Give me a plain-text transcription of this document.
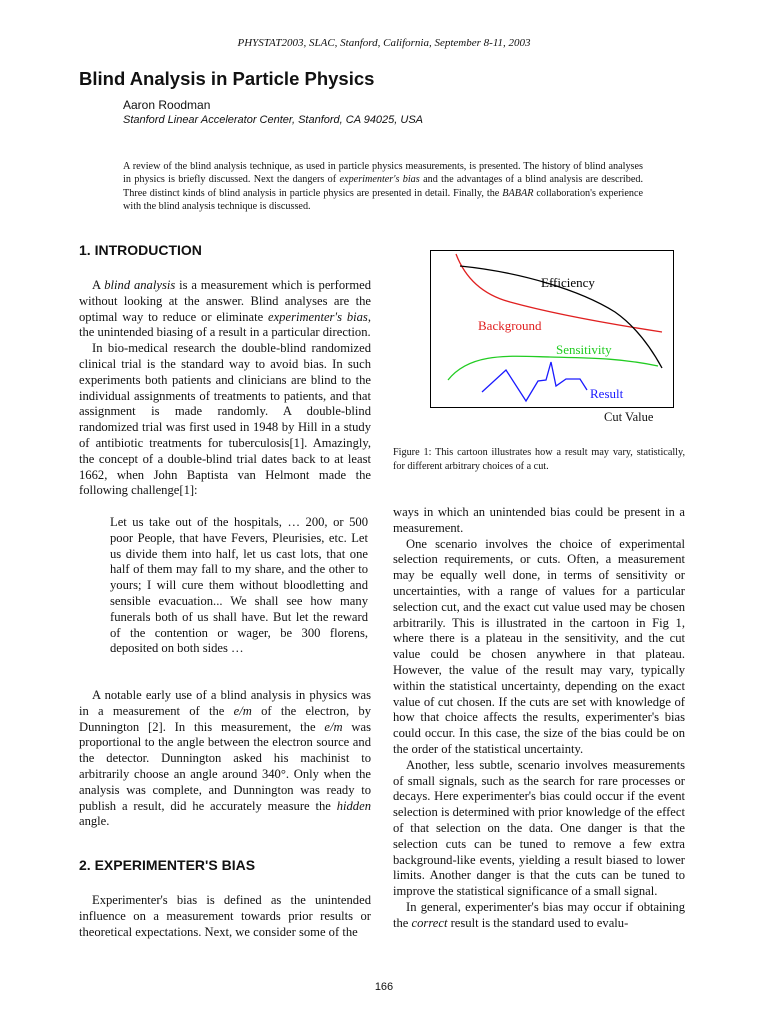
PHYSTAT2003, SLAC, Stanford, California, September 8-11, 2003
Blind Analysis in Particle Physics
Aaron Roodman
Stanford Linear Accelerator Center, Stanford, CA 94025, USA
A review of the blind analysis technique, as used in particle physics measurements, is presented. The history of blind analyses in physics is briefly discussed. Next the dangers of experimenter's bias and the advantages of a blind analysis are described. Three distinct kinds of blind analysis in particle physics are presented in detail. Finally, the BABAR collaboration's experience with the blind analysis technique is discussed.
1. INTRODUCTION

A blind analysis is a measurement which is performed without looking at the answer. Blind analyses are the optimal way to reduce or eliminate experimenter's bias, the unintended biasing of a result in a particular direction.

In bio-medical research the double-blind randomized clinical trial is the standard way to avoid bias. In such experiments both patients and clinicians are blind to the individual assignments of treatments to patients, and that assignment is made randomly. A double-blind randomized trial was first used in 1948 by Hill in a study of antibiotic treatments for tuberculosis[1]. Amazingly, the concept of a double-blind trial dates back to at least 1662, when John Baptista van Helmont made the following challenge[1]:

Let us take out of the hospitals, … 200, or 500 poor People, that have Fevers, Pleurisies, etc. Let us divide them into half, let us cast lots, that one half of them may fall to my share, and the other to yours; I will cure them without bloodletting and sensible evacuation... We shall see how many funerals both of us shall have. But let the reward of the contention or wager, be 300 florens, deposited on both sides …

A notable early use of a blind analysis in physics was in a measurement of the e/m of the electron, by Dunnington [2]. In this measurement, the e/m was proportional to the angle between the electron source and the detector. Dunnington asked his machinist to arbitrarily choose an angle around 340°. Only when the analysis was complete, and Dunnington was ready to publish a result, did he accurately measure the hidden angle.

2. EXPERIMENTER'S BIAS

Experimenter's bias is defined as the unintended influence on a measurement towards prior results or theoretical expectations. Next, we consider some of the

Efficiency
Background
Sensitivity
Result
Cut Value
Figure 1: This cartoon illustrates how a result may vary, statistically, for different arbitrary choices of a cut.

ways in which an unintended bias could be present in a measurement.

One scenario involves the choice of experimental selection requirements, or cuts. Often, a measurement may be equally well done, in terms of sensitivity or uncertainties, with a range of values for a particular selection cut, and the exact cut value used may be chosen arbitrarily. This is illustrated in the cartoon in Fig 1, where there is a plateau in the sensitivity, and the cut value could be chosen anywhere in that plateau. However, the value of the result may vary, typically within the statistical uncertainty, depending on the exact value of cut chosen. If the cuts are set with knowledge of how that choice affects the results, experimenter's bias could occur. In this case, the size of the bias could be on the order of the statistical uncertainty.

Another, less subtle, scenario involves measurements of small signals, such as the search for rare processes or decays. Here experimenter's bias could occur if the event selection is determined with prior knowledge of the effect of that selection on the data. One danger is that the selection cuts can be tuned to remove a few extra background-like events, yielding a result biased to lower limits. Another danger is that the cuts can be tuned to improve the statistical significance of a small signal.

In general, experimenter's bias may occur if obtaining the correct result is the standard used to evalu-

166
